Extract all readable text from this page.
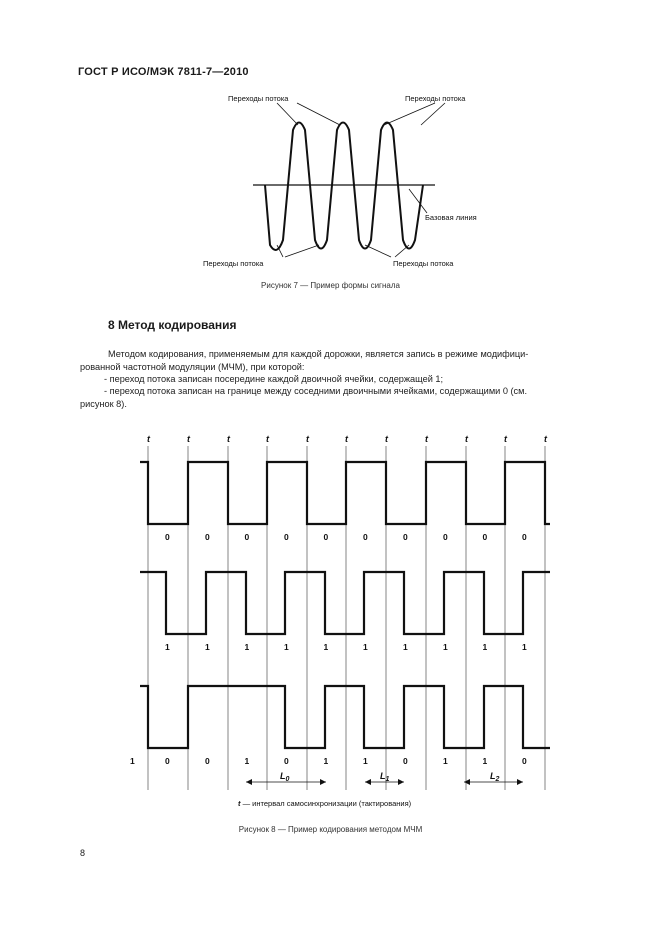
ГОСТ Р ИСО/МЭК 7811-7—2010
Переходы потока	Переходы потока
Базовая линия
Переходы потока	Переходы потока
Рисунок 7 — Пример формы сигнала
8 Метод кодирования
Методом кодирования, применяемым для каждой дорожки, является запись в режиме модифици-
рованной частотной модуляции (МЧМ), при которой:
- переход потока записан посередине каждой двоичной ячейки, содержащей 1;
- переход потока записан на границе между соседними двоичными ячейками, содержащими 0 (см.
рисунок 8).
t	t	t	t	t	t	t	t	t	t	t
0	0	0	0	0	0	0	0	0	0
1	1	1	1	1	1	1	1	1	1
0	0	1	0	1	1	0	1	1	0
1
$L_0$	$L_1$	$L_2$
t — интервал самосинхронизации (тактирования)
Рисунок 8 — Пример кодирования методом МЧМ
8
